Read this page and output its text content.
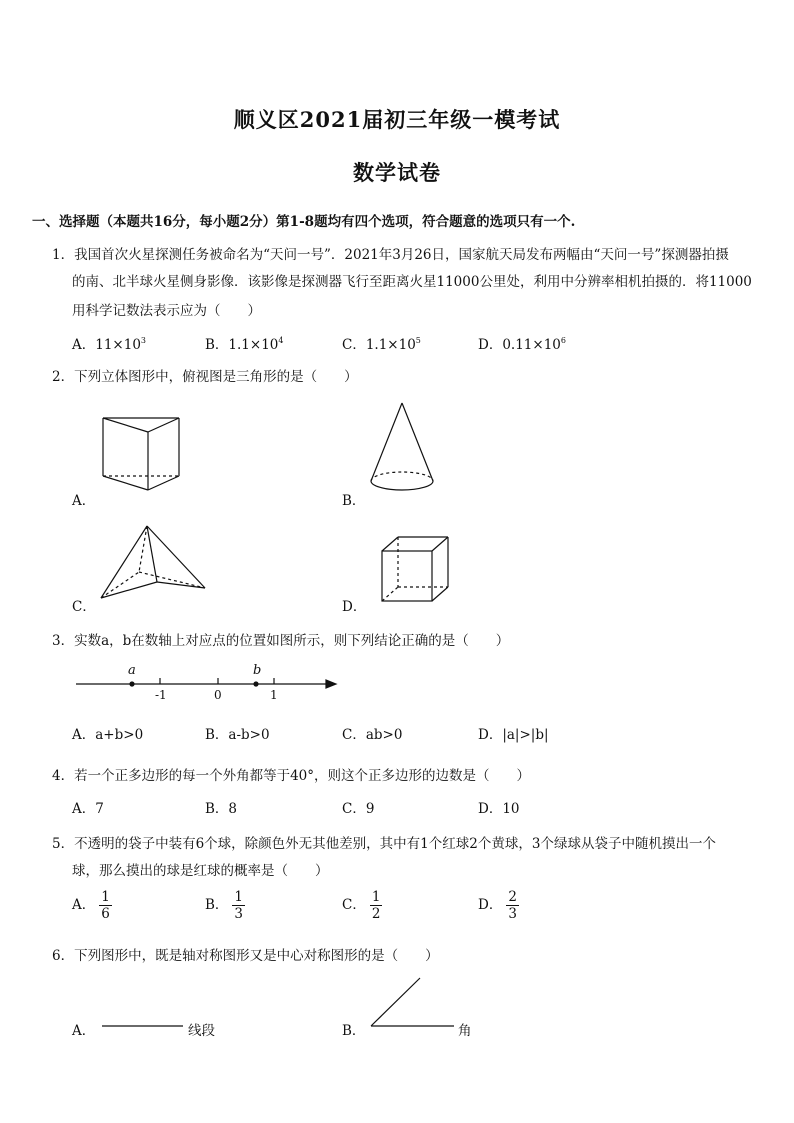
顺义区2021届初三年级一模考试
数学试卷
一、选择题（本题共16分，每小题2分）第1-8题均有四个选项，符合题意的选项只有一个.
1．我国首次火星探测任务被命名为“天问一号”．2021年3月26日，国家航天局发布两幅由“天问一号”探测器拍摄
的南、北半球火星侧身影像．该影像是探测器飞行至距离火星11000公里处，利用中分辨率相机拍摄的．将11000
用科学记数法表示应为（　　）
A．$11\times 10^3$	B．$1.1\times 10^4$	C．$1.1\times 10^5$	D．$0.11\times 10^6$
2．下列立体图形中，俯视图是三角形的是（　　）
A．	B．
C．	D．
3．实数a，b在数轴上对应点的位置如图所示，则下列结论正确的是（　　）
a	b
-1	0	1
A．a+b>0	B．a-b>0	C．ab>0	D．|a|>|b|
4．若一个正多边形的每一个外角都等于40°，则这个正多边形的边数是（　　）
A．7	B．8	C．9	D．10
5．不透明的袋子中装有6个球，除颜色外无其他差别，其中有1个红球2个黄球，3个绿球从袋子中随机摸出一个
球，那么摸出的球是红球的概率是（　　）
A． $\frac{1}{6}$	B． $\frac{1}{3}$	C． $\frac{1}{2}$	D． $\frac{2}{3}$
6．下列图形中，既是轴对称图形又是中心对称图形的是（　　）
A．	线段	B．	角
